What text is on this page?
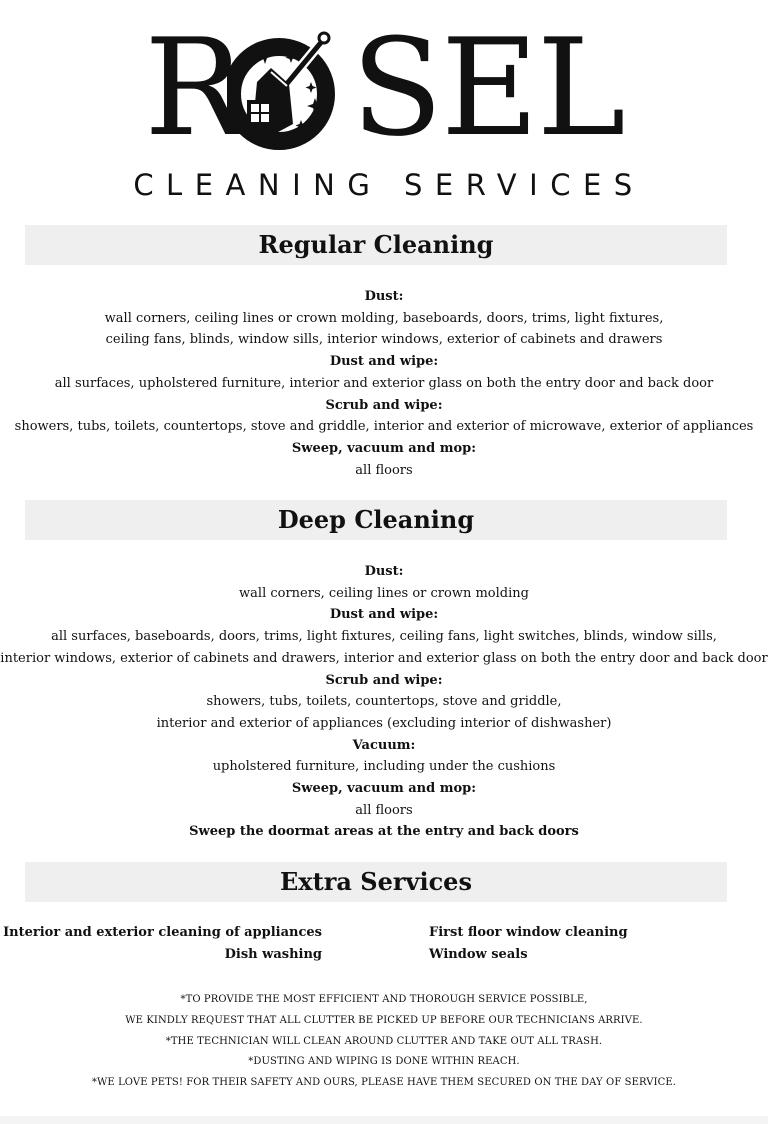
R SEL
CLEANING SERVICES
Regular Cleaning
Dust:
wall corners, ceiling lines or crown molding, baseboards, doors, trims, light fixtures,
ceiling fans, blinds, window sills, interior windows, exterior of cabinets and drawers
Dust and wipe:
all surfaces, upholstered furniture, interior and exterior glass on both the entry door and back door
Scrub and wipe:
showers, tubs, toilets, countertops, stove and griddle, interior and exterior of microwave, exterior of appliances
Sweep, vacuum and mop:
all floors
Deep Cleaning
Dust:
wall corners, ceiling lines or crown molding
Dust and wipe:
all surfaces, baseboards, doors, trims, light fixtures, ceiling fans, light switches, blinds, window sills,
interior windows, exterior of cabinets and drawers, interior and exterior glass on both the entry door and back door
Scrub and wipe:
showers, tubs, toilets, countertops, stove and griddle,
interior and exterior of appliances (excluding interior of dishwasher)
Vacuum:
upholstered furniture, including under the cushions
Sweep, vacuum and mop:
all floors
Sweep the doormat areas at the entry and back doors
Extra Services
Interior and exterior cleaning of appliances
Dish washing
First floor window cleaning
Window seals
*TO PROVIDE THE MOST EFFICIENT AND THOROUGH SERVICE POSSIBLE,
WE KINDLY REQUEST THAT ALL CLUTTER BE PICKED UP BEFORE OUR TECHNICIANS ARRIVE.
*THE TECHNICIAN WILL CLEAN AROUND CLUTTER AND TAKE OUT ALL TRASH.
*DUSTING AND WIPING IS DONE WITHIN REACH.
*WE LOVE PETS! FOR THEIR SAFETY AND OURS, PLEASE HAVE THEM SECURED ON THE DAY OF SERVICE.
